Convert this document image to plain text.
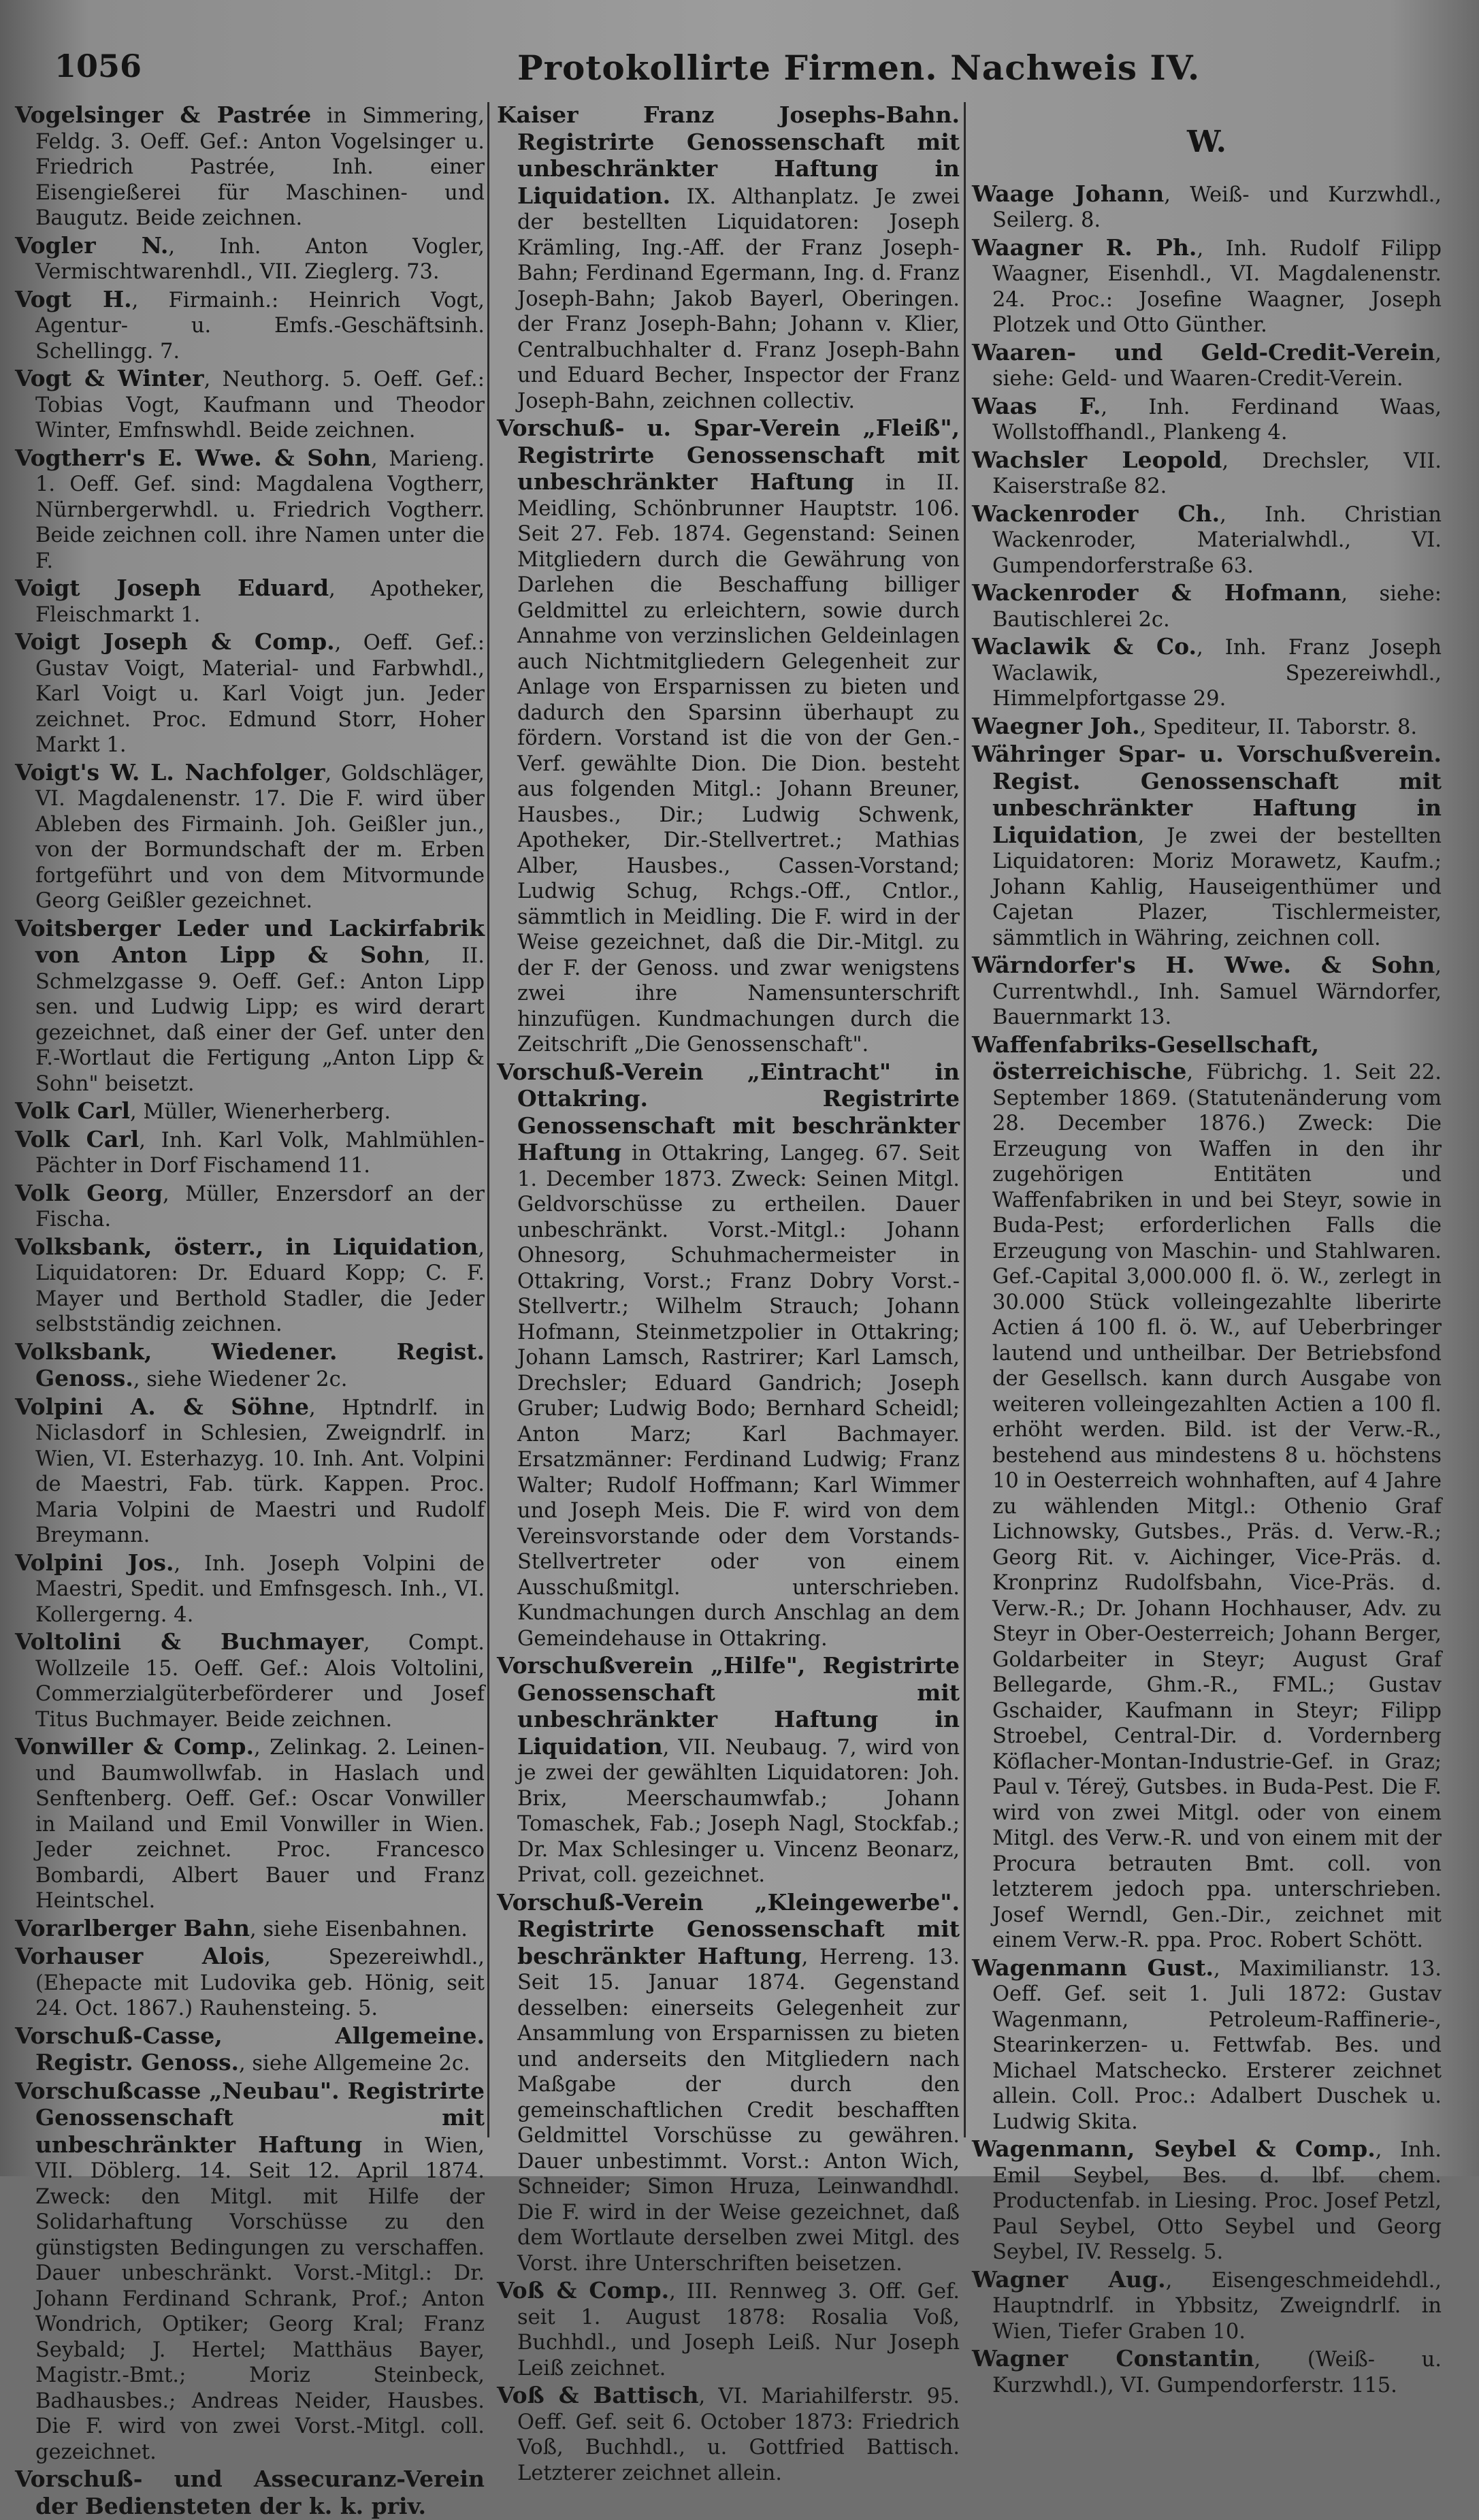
1056	Protokollirte Firmen. Nachweis IV.

Vogelsinger & Pastrée in Simmering, Feldg. 3. Oeff. Gef.: Anton Vogelsinger u. Friedrich Pastrée, Inh. einer Eisengießerei für Maschinen- und Baugutz. Beide zeichnen.

Vogler N., Inh. Anton Vogler, Vermischtwarenhdl., VII. Zieglerg. 73.

Vogt H., Firmainh.: Heinrich Vogt, Agentur- u. Emfs.-Geschäftsinh. Schellingg. 7.

Vogt & Winter, Neuthorg. 5. Oeff. Gef.: Tobias Vogt, Kaufmann und Theodor Winter, Emfnswhdl. Beide zeichnen.

Vogtherr's E. Wwe. & Sohn, Marieng. 1. Oeff. Gef. sind: Magdalena Vogtherr, Nürnbergerwhdl. u. Friedrich Vogtherr. Beide zeichnen coll. ihre Namen unter die F.

Voigt Joseph Eduard, Apotheker, Fleischmarkt 1.

Voigt Joseph & Comp., Oeff. Gef.: Gustav Voigt, Material- und Farbwhdl., Karl Voigt u. Karl Voigt jun. Jeder zeichnet. Proc. Edmund Storr, Hoher Markt 1.

Voigt's W. L. Nachfolger, Goldschläger, VI. Magdalenenstr. 17. Die F. wird über Ableben des Firmainh. Joh. Geißler jun., von der Bormundschaft der m. Erben fortgeführt und von dem Mitvormunde Georg Geißler gezeichnet.

Voitsberger Leder und Lackirfabrik von Anton Lipp & Sohn, II. Schmelzgasse 9. Oeff. Gef.: Anton Lipp sen. und Ludwig Lipp; es wird derart gezeichnet, daß einer der Gef. unter den F.-Wortlaut die Fertigung „Anton Lipp & Sohn" beisetzt.

Volk Carl, Müller, Wienerherberg.

Volk Carl, Inh. Karl Volk, Mahlmühlen-Pächter in Dorf Fischamend 11.

Volk Georg, Müller, Enzersdorf an der Fischa.

Volksbank, österr., in Liquidation, Liquidatoren: Dr. Eduard Kopp; C. F. Mayer und Berthold Stadler, die Jeder selbstständig zeichnen.

Volksbank, Wiedener. Regist. Genoss., siehe Wiedener 2c.

Volpini A. & Söhne, Hptndrlf. in Niclasdorf in Schlesien, Zweigndrlf. in Wien, VI. Esterhazyg. 10. Inh. Ant. Volpini de Maestri, Fab. türk. Kappen. Proc. Maria Volpini de Maestri und Rudolf Breymann.

Volpini Jos., Inh. Joseph Volpini de Maestri, Spedit. und Emfnsgesch. Inh., VI. Kollergerng. 4.

Voltolini & Buchmayer, Compt. Wollzeile 15. Oeff. Gef.: Alois Voltolini, Commerzialgüterbeförderer und Josef Titus Buchmayer. Beide zeichnen.

Vonwiller & Comp., Zelinkag. 2. Leinen- und Baumwollwfab. in Haslach und Senftenberg. Oeff. Gef.: Oscar Vonwiller in Mailand und Emil Vonwiller in Wien. Jeder zeichnet. Proc. Francesco Bombardi, Albert Bauer und Franz Heintschel.

Vorarlberger Bahn, siehe Eisenbahnen.

Vorhauser Alois, Spezereiwhdl., (Ehepacte mit Ludovika geb. Hönig, seit 24. Oct. 1867.) Rauhensteing. 5.

Vorschuß-Casse, Allgemeine. Registr. Genoss., siehe Allgemeine 2c.

Vorschußcasse „Neubau". Registrirte Genossenschaft mit unbeschränkter Haftung in Wien, VII. Döblerg. 14. Seit 12. April 1874. Zweck: den Mitgl. mit Hilfe der Solidarhaftung Vorschüsse zu den günstigsten Bedingungen zu verschaffen. Dauer unbeschränkt. Vorst.-Mitgl.: Dr. Johann Ferdinand Schrank, Prof.; Anton Wondrich, Optiker; Georg Kral; Franz Seybald; J. Hertel; Matthäus Bayer, Magistr.-Bmt.; Moriz Steinbeck, Badhausbes.; Andreas Neider, Hausbes. Die F. wird von zwei Vorst.-Mitgl. coll. gezeichnet.

Vorschuß- und Assecuranz-Verein der Bediensteten der k. k. priv.

Kaiser Franz Josephs-Bahn. Registrirte Genossenschaft mit unbeschränkter Haftung in Liquidation. IX. Althanplatz. Je zwei der bestellten Liquidatoren: Joseph Krämling, Ing.-Aff. der Franz Joseph-Bahn; Ferdinand Egermann, Ing. d. Franz Joseph-Bahn; Jakob Bayerl, Oberingen. der Franz Joseph-Bahn; Johann v. Klier, Centralbuchhalter d. Franz Joseph-Bahn und Eduard Becher, Inspector der Franz Joseph-Bahn, zeichnen collectiv.

Vorschuß- u. Spar-Verein „Fleiß", Registrirte Genossenschaft mit unbeschränkter Haftung in II. Meidling, Schönbrunner Hauptstr. 106. Seit 27. Feb. 1874. Gegenstand: Seinen Mitgliedern durch die Gewährung von Darlehen die Beschaffung billiger Geldmittel zu erleichtern, sowie durch Annahme von verzinslichen Geldeinlagen auch Nichtmitgliedern Gelegenheit zur Anlage von Ersparnissen zu bieten und dadurch den Sparsinn überhaupt zu fördern. Vorstand ist die von der Gen.-Verf. gewählte Dion. Die Dion. besteht aus folgenden Mitgl.: Johann Breuner, Hausbes., Dir.; Ludwig Schwenk, Apotheker, Dir.-Stellvertret.; Mathias Alber, Hausbes., Cassen-Vorstand; Ludwig Schug, Rchgs.-Off., Cntlor., sämmtlich in Meidling. Die F. wird in der Weise gezeichnet, daß die Dir.-Mitgl. zu der F. der Genoss. und zwar wenigstens zwei ihre Namensunterschrift hinzufügen. Kundmachungen durch die Zeitschrift „Die Genossenschaft".

Vorschuß-Verein „Eintracht" in Ottakring. Registrirte Genossenschaft mit beschränkter Haftung in Ottakring, Langeg. 67. Seit 1. December 1873. Zweck: Seinen Mitgl. Geldvorschüsse zu ertheilen. Dauer unbeschränkt. Vorst.-Mitgl.: Johann Ohnesorg, Schuhmachermeister in Ottakring, Vorst.; Franz Dobry Vorst.-Stellvertr.; Wilhelm Strauch; Johann Hofmann, Steinmetzpolier in Ottakring; Johann Lamsch, Rastrirer; Karl Lamsch, Drechsler; Eduard Gandrich; Joseph Gruber; Ludwig Bodo; Bernhard Scheidl; Anton Marz; Karl Bachmayer. Ersatzmänner: Ferdinand Ludwig; Franz Walter; Rudolf Hoffmann; Karl Wimmer und Joseph Meis. Die F. wird von dem Vereinsvorstande oder dem Vorstands-Stellvertreter oder von einem Ausschußmitgl. unterschrieben. Kundmachungen durch Anschlag an dem Gemeindehause in Ottakring.

Vorschußverein „Hilfe", Registrirte Genossenschaft mit unbeschränkter Haftung in Liquidation, VII. Neubaug. 7, wird von je zwei der gewählten Liquidatoren: Joh. Brix, Meerschaumwfab.; Johann Tomaschek, Fab.; Joseph Nagl, Stockfab.; Dr. Max Schlesinger u. Vincenz Beonarz, Privat, coll. gezeichnet.

Vorschuß-Verein „Kleingewerbe". Registrirte Genossenschaft mit beschränkter Haftung, Herreng. 13. Seit 15. Januar 1874. Gegenstand desselben: einerseits Gelegenheit zur Ansammlung von Ersparnissen zu bieten und anderseits den Mitgliedern nach Maßgabe der durch den gemeinschaftlichen Credit beschafften Geldmittel Vorschüsse zu gewähren. Dauer unbestimmt. Vorst.: Anton Wich, Schneider; Simon Hruza, Leinwandhdl. Die F. wird in der Weise gezeichnet, daß dem Wortlaute derselben zwei Mitgl. des Vorst. ihre Unterschriften beisetzen.

Voß & Comp., III. Rennweg 3. Off. Gef. seit 1. August 1878: Rosalia Voß, Buchhdl., und Joseph Leiß. Nur Joseph Leiß zeichnet.

Voß & Battisch, VI. Mariahilferstr. 95. Oeff. Gef. seit 6. October 1873: Friedrich Voß, Buchhdl., u. Gottfried Battisch. Letzterer zeichnet allein.

W.

Waage Johann, Weiß- und Kurzwhdl., Seilerg. 8.

Waagner R. Ph., Inh. Rudolf Filipp Waagner, Eisenhdl., VI. Magdalenenstr. 24. Proc.: Josefine Waagner, Joseph Plotzek und Otto Günther.

Waaren- und Geld-Credit-Verein, siehe: Geld- und Waaren-Credit-Verein.

Waas F., Inh. Ferdinand Waas, Wollstoffhandl., Plankeng 4.

Wachsler Leopold, Drechsler, VII. Kaiserstraße 82.

Wackenroder Ch., Inh. Christian Wackenroder, Materialwhdl., VI. Gumpendorferstraße 63.

Wackenroder & Hofmann, siehe: Bautischlerei 2c.

Waclawik & Co., Inh. Franz Joseph Waclawik, Spezereiwhdl., Himmelpfortgasse 29.

Waegner Joh., Spediteur, II. Taborstr. 8.

Währinger Spar- u. Vorschußverein. Regist. Genossenschaft mit unbeschränkter Haftung in Liquidation, Je zwei der bestellten Liquidatoren: Moriz Morawetz, Kaufm.; Johann Kahlig, Hauseigenthümer und Cajetan Plazer, Tischlermeister, sämmtlich in Währing, zeichnen coll.

Wärndorfer's H. Wwe. & Sohn, Currentwhdl., Inh. Samuel Wärndorfer, Bauernmarkt 13.

Waffenfabriks-Gesellschaft, österreichische, Fübrichg. 1. Seit 22. September 1869. (Statutenänderung vom 28. December 1876.) Zweck: Die Erzeugung von Waffen in den ihr zugehörigen Entitäten und Waffenfabriken in und bei Steyr, sowie in Buda-Pest; erforderlichen Falls die Erzeugung von Maschin- und Stahlwaren. Gef.-Capital 3,000.000 fl. ö. W., zerlegt in 30.000 Stück volleingezahlte liberirte Actien á 100 fl. ö. W., auf Ueberbringer lautend und untheilbar. Der Betriebsfond der Gesellsch. kann durch Ausgabe von weiteren volleingezahlten Actien a 100 fl. erhöht werden. Bild. ist der Verw.-R., bestehend aus mindestens 8 u. höchstens 10 in Oesterreich wohnhaften, auf 4 Jahre zu wählenden Mitgl.: Othenio Graf Lichnowsky, Gutsbes., Präs. d. Verw.-R.; Georg Rit. v. Aichinger, Vice-Präs. d. Kronprinz Rudolfsbahn, Vice-Präs. d. Verw.-R.; Dr. Johann Hochhauser, Adv. zu Steyr in Ober-Oesterreich; Johann Berger, Goldarbeiter in Steyr; August Graf Bellegarde, Ghm.-R., FML.; Gustav Gschaider, Kaufmann in Steyr; Filipp Stroebel, Central-Dir. d. Vordernberg Köflacher-Montan-Industrie-Gef. in Graz; Paul v. Téreÿ, Gutsbes. in Buda-Pest. Die F. wird von zwei Mitgl. oder von einem Mitgl. des Verw.-R. und von einem mit der Procura betrauten Bmt. coll. von letzterem jedoch ppa. unterschrieben. Josef Werndl, Gen.-Dir., zeichnet mit einem Verw.-R. ppa. Proc. Robert Schött.

Wagenmann Gust., Maximilianstr. 13. Oeff. Gef. seit 1. Juli 1872: Gustav Wagenmann, Petroleum-Raffinerie-, Stearinkerzen- u. Fettwfab. Bes. und Michael Matschecko. Ersterer zeichnet allein. Coll. Proc.: Adalbert Duschek u. Ludwig Skita.

Wagenmann, Seybel & Comp., Inh. Emil Seybel, Bes. d. lbf. chem. Productenfab. in Liesing. Proc. Josef Petzl, Paul Seybel, Otto Seybel und Georg Seybel, IV. Resselg. 5.

Wagner Aug., Eisengeschmeidehdl., Hauptndrlf. in Ybbsitz, Zweigndrlf. in Wien, Tiefer Graben 10.

Wagner Constantin, (Weiß- u. Kurzwhdl.), VI. Gumpendorferstr. 115.
